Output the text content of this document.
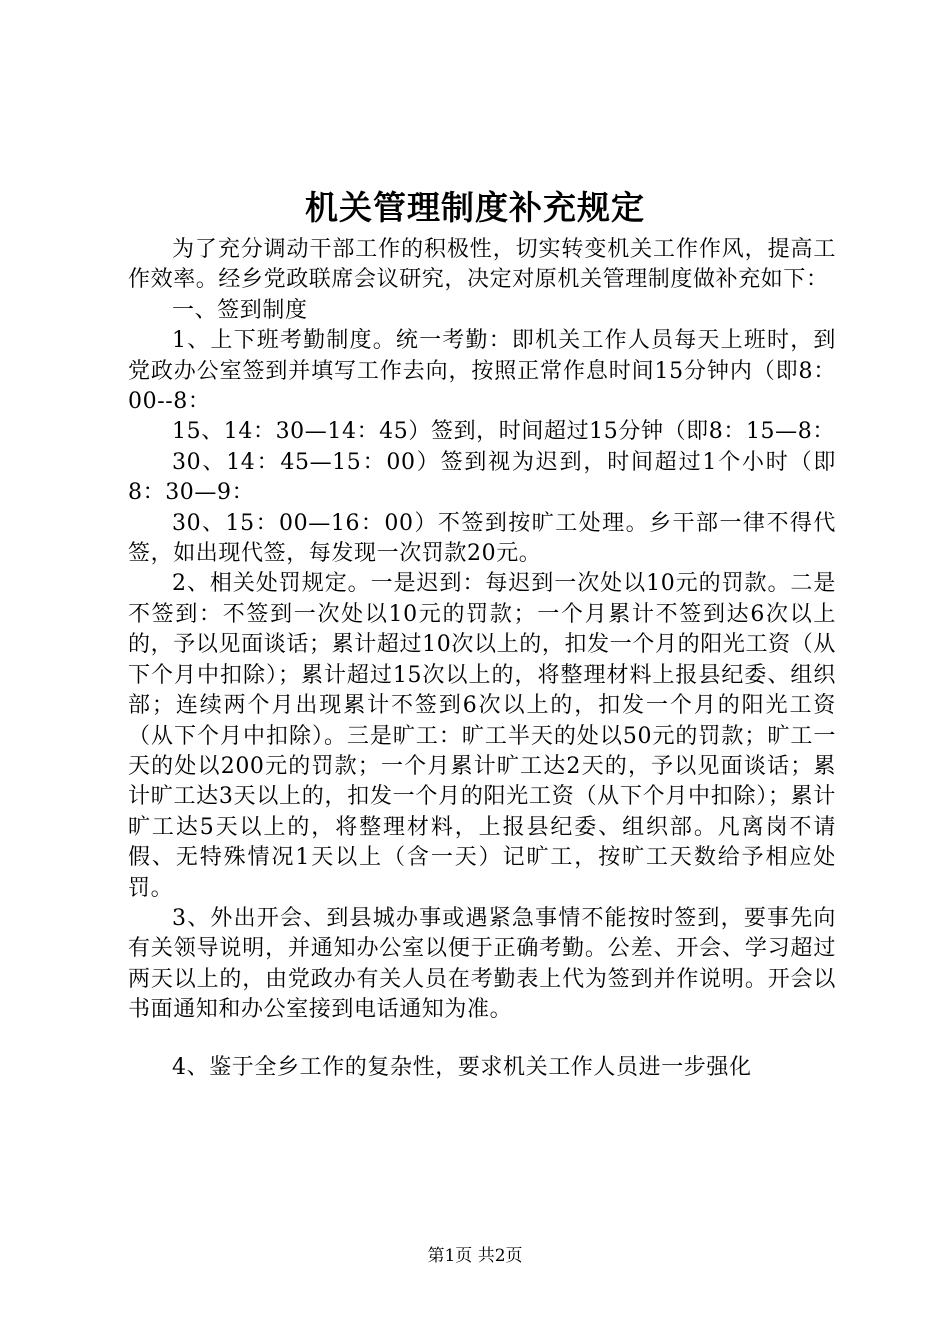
机关管理制度补充规定

为了充分调动干部工作的积极性，切实转变机关工作作风，提高工作效率。经乡党政联席会议研究，决定对原机关管理制度做补充如下：

一、签到制度

1、上下班考勤制度。统一考勤：即机关工作人员每天上班时，到党政办公室签到并填写工作去向，按照正常作息时间15分钟内（即8：00--8：

15、14：30—14：45）签到，时间超过15分钟（即8：15—8：

30、14：45—15：00）签到视为迟到，时间超过1个小时（即8：30—9：

30、15：00—16：00）不签到按旷工处理。乡干部一律不得代签，如出现代签，每发现一次罚款20元。

2、相关处罚规定。一是迟到：每迟到一次处以10元的罚款。二是不签到：不签到一次处以10元的罚款；一个月累计不签到达6次以上的，予以见面谈话；累计超过10次以上的，扣发一个月的阳光工资（从下个月中扣除）；累计超过15次以上的，将整理材料上报县纪委、组织部；连续两个月出现累计不签到6次以上的，扣发一个月的阳光工资（从下个月中扣除）。三是旷工：旷工半天的处以50元的罚款；旷工一天的处以200元的罚款；一个月累计旷工达2天的，予以见面谈话；累计旷工达3天以上的，扣发一个月的阳光工资（从下个月中扣除）；累计旷工达5天以上的，将整理材料，上报县纪委、组织部。凡离岗不请假、无特殊情况1天以上（含一天）记旷工，按旷工天数给予相应处罚。

3、外出开会、到县城办事或遇紧急事情不能按时签到，要事先向有关领导说明，并通知办公室以便于正确考勤。公差、开会、学习超过两天以上的，由党政办有关人员在考勤表上代为签到并作说明。开会以书面通知和办公室接到电话通知为准。

4、鉴于全乡工作的复杂性，要求机关工作人员进一步强化

第1页 共2页
